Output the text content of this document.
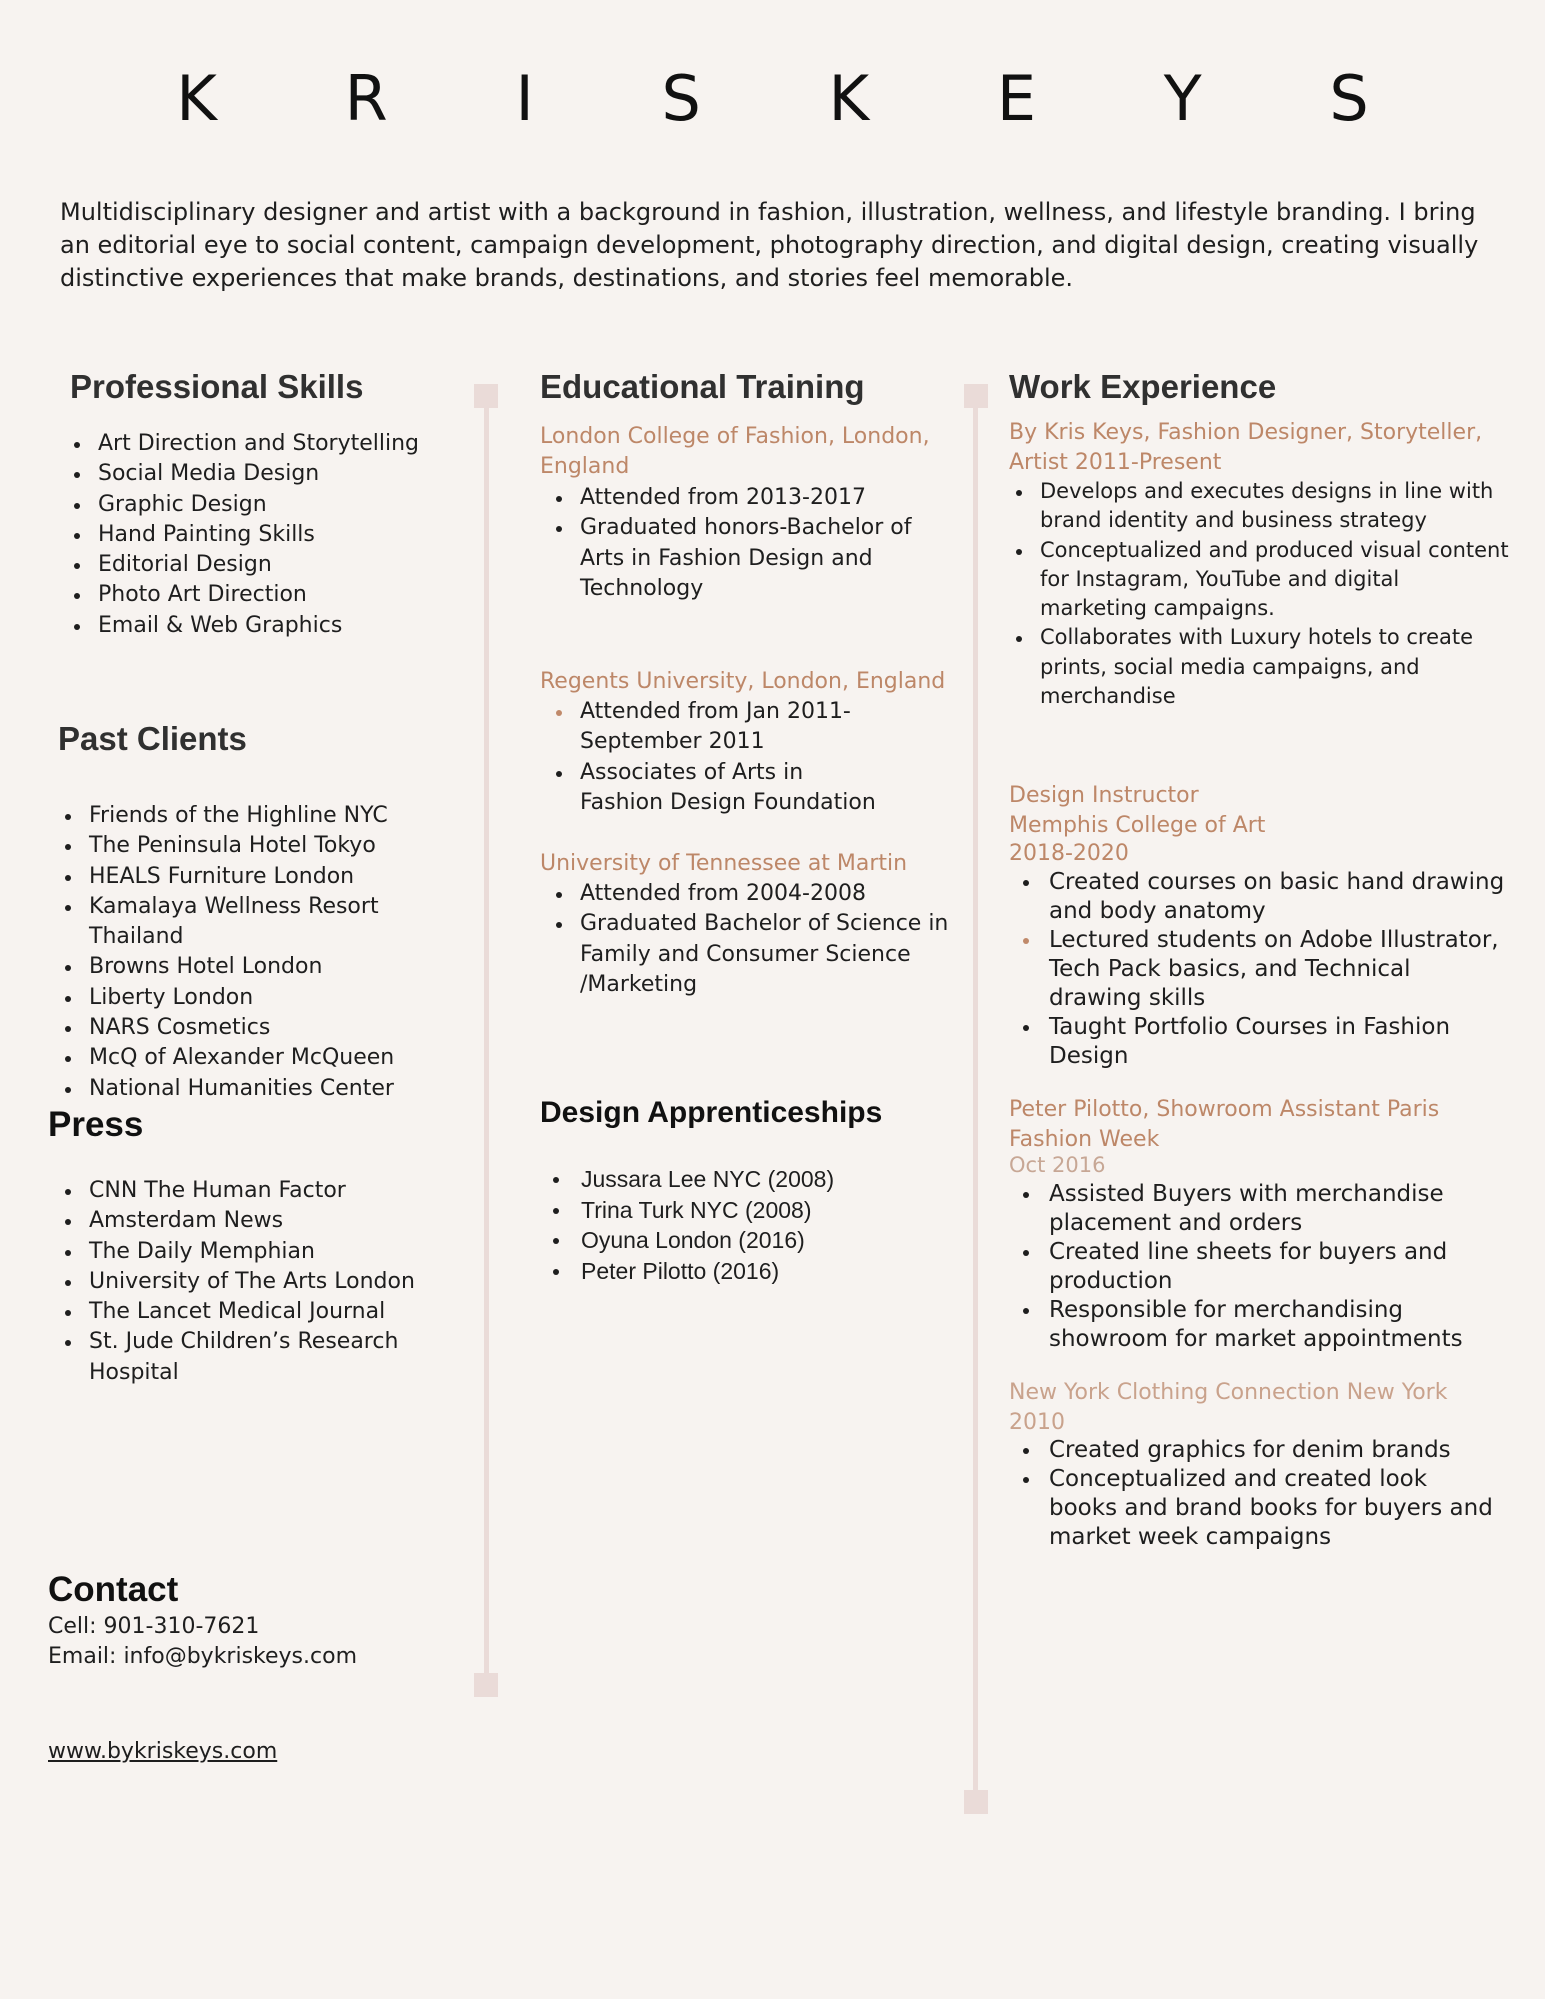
K R I S K E Y S
Multidisciplinary designer and artist with a background in fashion, illustration, wellness, and lifestyle branding. I bring an editorial eye to social content, campaign development, photography direction, and digital design, creating visually distinctive experiences that make brands, destinations, and stories feel memorable.
Professional Skills
Art Direction and Storytelling
Social Media Design
Graphic Design
Hand Painting Skills
Editorial Design
Photo Art Direction
Email & Web Graphics
Past Clients
Friends of the Highline NYC
The Peninsula Hotel Tokyo
HEALS Furniture London
Kamalaya Wellness Resort Thailand
Browns Hotel London
Liberty London
NARS Cosmetics
McQ of Alexander McQueen
National Humanities Center
Press
CNN The Human Factor
Amsterdam News
The Daily Memphian
University of The Arts London
The Lancet Medical Journal
St. Jude Children’s Research Hospital
Contact
Cell: 901-310-7621
Email: info@bykriskeys.com
www.bykriskeys.com
Educational Training
London College of Fashion, London, England
Attended from 2013-2017
Graduated honors-Bachelor of Arts in Fashion Design and Technology
Regents University, London, England
Attended from Jan 2011-September 2011
Associates of Arts in Fashion Design Foundation
University of Tennessee at Martin
Attended from 2004-2008
Graduated Bachelor of Science in Family and Consumer Science /Marketing
Design Apprenticeships
Jussara Lee NYC (2008)
Trina Turk NYC (2008)
Oyuna London (2016)
Peter Pilotto (2016)
Work Experience
By Kris Keys, Fashion Designer, Storyteller, Artist 2011-Present
Develops and executes designs in line with brand identity and business strategy
Conceptualized and produced visual content for Instagram, YouTube and digital marketing campaigns.
Collaborates with Luxury hotels to create prints, social media campaigns, and merchandise
Design Instructor
Memphis College of Art
2018-2020
Created courses on basic hand drawing and body anatomy
Lectured students on Adobe Illustrator, Tech Pack basics, and Technical drawing skills
Taught Portfolio Courses in Fashion Design
Peter Pilotto, Showroom Assistant Paris Fashion Week
Oct 2016
Assisted Buyers with merchandise placement and orders
Created line sheets for buyers and production
Responsible for merchandising showroom for market appointments
New York Clothing Connection New York 2010
Created graphics for denim brands
Conceptualized and created look books and brand books for buyers and market week campaigns
